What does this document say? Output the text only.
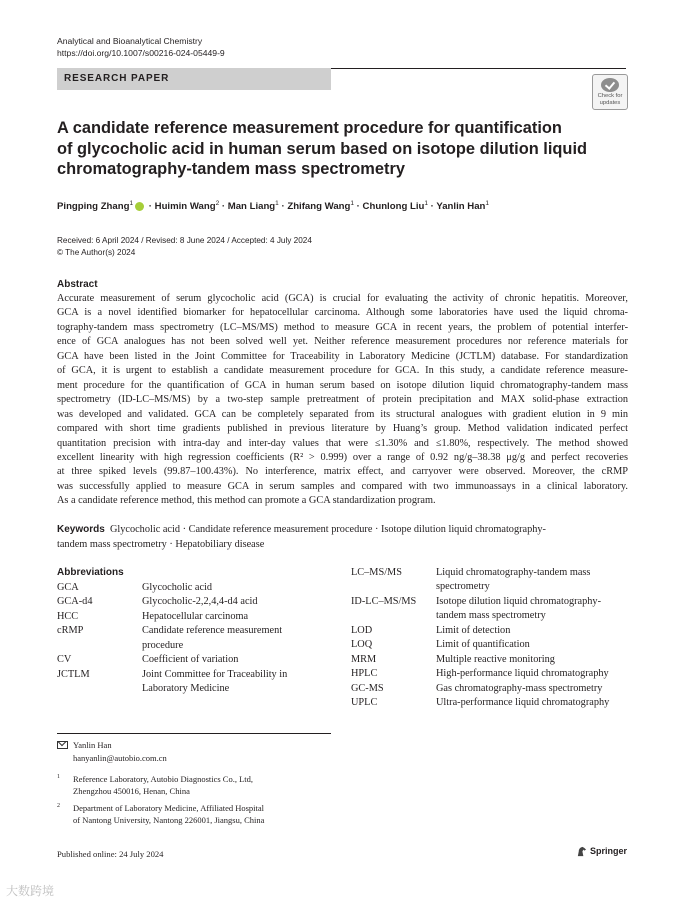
Analytical and Bioanalytical Chemistry
https://doi.org/10.1007/s00216-024-05449-9
RESEARCH PAPER
Check for
updates
A candidate reference measurement procedure for quantification
of glycocholic acid in human serum based on isotope dilution liquid
chromatography-tandem mass spectrometry
Pingping Zhang$^1$ · Huimin Wang$^2$ · Man Liang$^1$ · Zhifang Wang$^1$ · Chunlong Liu$^1$ · Yanlin Han$^1$
Received: 6 April 2024 / Revised: 8 June 2024 / Accepted: 4 July 2024
© The Author(s) 2024
Abstract
Accurate measurement of serum glycocholic acid (GCA) is crucial for evaluating the activity of chronic hepatitis. Moreover,
GCA is a novel identified biomarker for hepatocellular carcinoma. Although some laboratories have used the liquid chroma-
tography-tandem mass spectrometry (LC–MS/MS) method to measure GCA in recent years, the problem of potential interfer-
ence of GCA analogues has not been solved well yet. Neither reference measurement procedures nor reference materials for
GCA have been listed in the Joint Committee for Traceability in Laboratory Medicine (JCTLM) database. For standardization
of GCA, it is urgent to establish a candidate measurement procedure for GCA. In this study, a candidate reference measure-
ment procedure for the quantification of GCA in human serum based on isotope dilution liquid chromatography-tandem mass
spectrometry (ID-LC–MS/MS) by a two-step sample pretreatment of protein precipitation and MAX solid-phase extraction
was developed and validated. GCA can be completely separated from its structural analogues with gradient elution in 9 min
compared with short time gradients published in previous literature by Huang’s group. Method validation indicated perfect
quantitation precision with intra-day and inter-day values that were ≤1.30% and ≤1.80%, respectively. The method showed
excellent linearity with high regression coefficients (R² > 0.999) over a range of 0.92 ng/g–38.38 μg/g and perfect recoveries
at three spiked levels (99.87–100.43%). No interference, matrix effect, and carryover were observed. Moreover, the cRMP
was successfully applied to measure GCA in serum samples and compared with two immunoassays in a clinical laboratory.
As a candidate reference method, this method can promote a GCA standardization program.
Keywords Glycocholic acid · Candidate reference measurement procedure · Isotope dilution liquid chromatography-
tandem mass spectrometry · Hepatobiliary disease
Abbreviations
GCA	Glycocholic acid
GCA-d4	Glycocholic-2,2,4,4-d4 acid
HCC	Hepatocellular carcinoma
cRMP	Candidate reference measurement procedure
CV	Coefficient of variation
JCTLM	Joint Committee for Traceability in Laboratory Medicine
LC–MS/MS	Liquid chromatography-tandem mass spectrometry
ID-LC–MS/MS	Isotope dilution liquid chromatography-tandem mass spectrometry
LOD	Limit of detection
LOQ	Limit of quantification
MRM	Multiple reactive monitoring
HPLC	High-performance liquid chromatography
GC-MS	Gas chromatography-mass spectrometry
UPLC	Ultra-performance liquid chromatography
Yanlin Han
hanyanlin@autobio.com.cn
1 Reference Laboratory, Autobio Diagnostics Co., Ltd,
Zhengzhou 450016, Henan, China
2 Department of Laboratory Medicine, Affiliated Hospital
of Nantong University, Nantong 226001, Jiangsu, China
Published online: 24 July 2024	Springer
大数跨境
